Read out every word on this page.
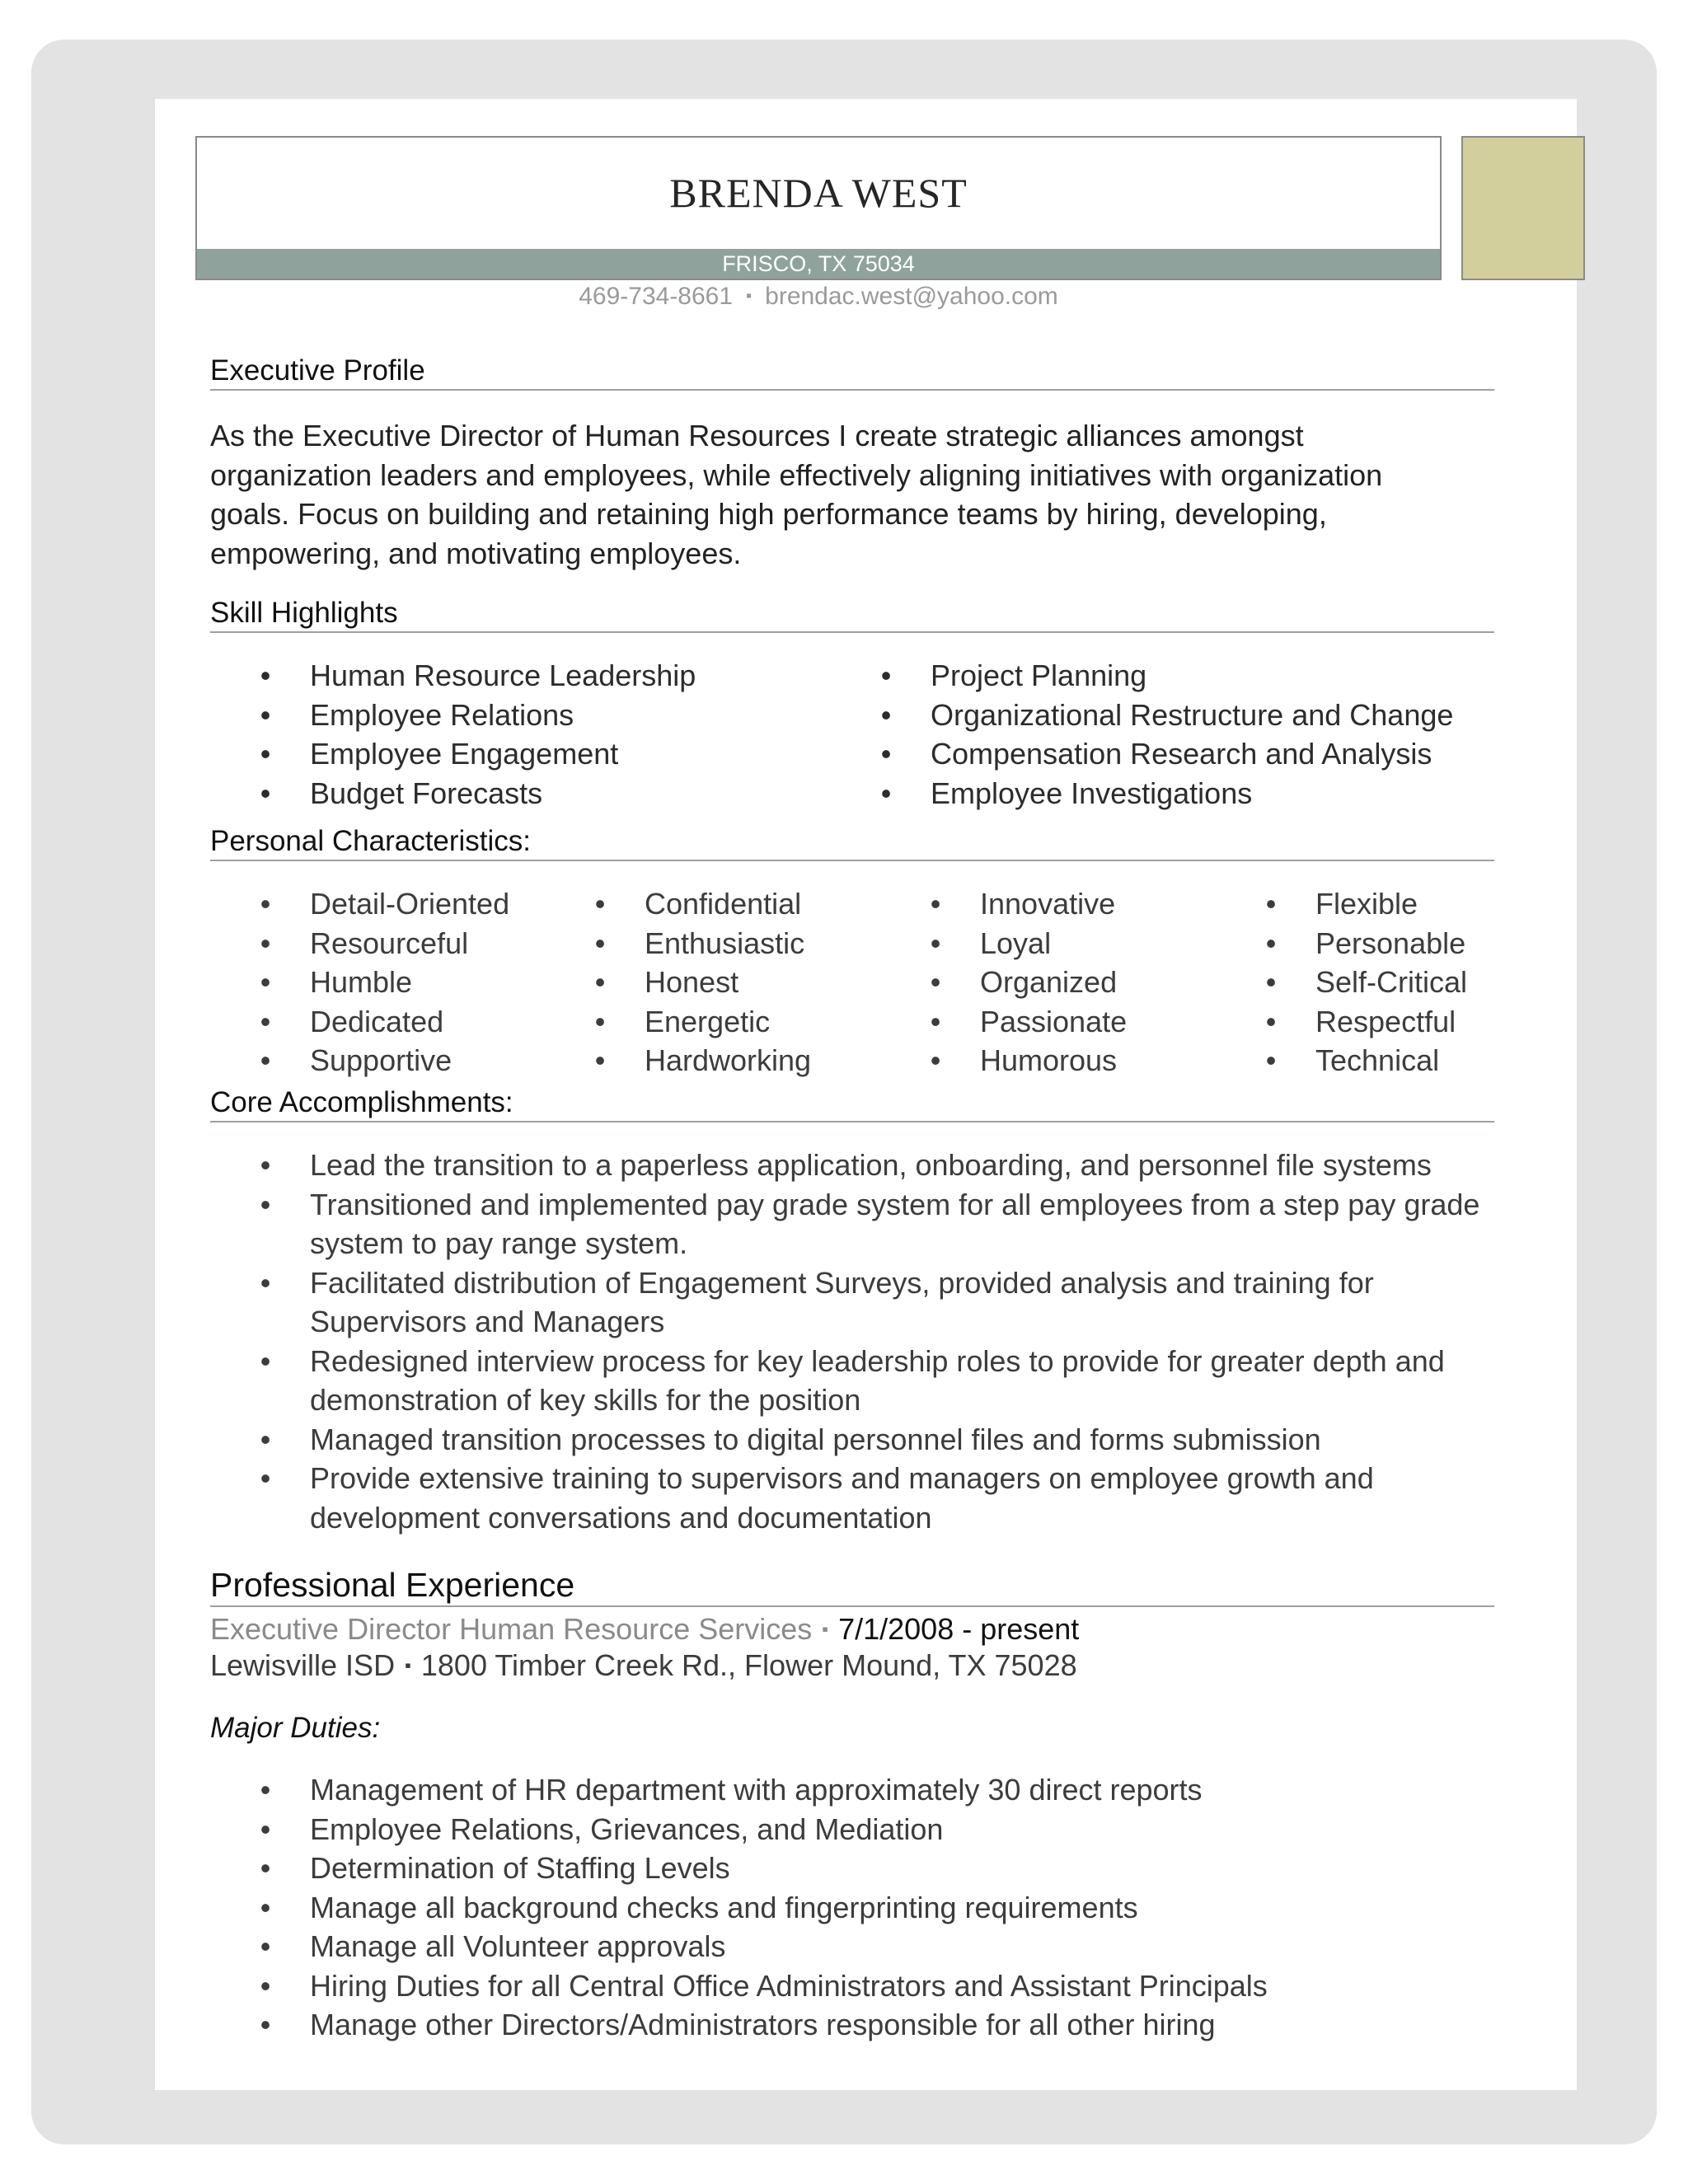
BRENDA WEST
FRISCO, TX 75034
469-734-8661 ▪ brendac.west@yahoo.com
Executive Profile

As the Executive Director of Human Resources I create strategic alliances amongst

organization leaders and employees, while effectively aligning initiatives with organization

goals. Focus on building and retaining high performance teams by hiring, developing,

empowering, and motivating employees.

Skill Highlights
• Human Resource Leadership
• Employee Relations
• Employee Engagement
• Budget Forecasts
• Project Planning
• Organizational Restructure and Change
• Compensation Research and Analysis
• Employee Investigations
Personal Characteristics:
• Detail-Oriented
• Resourceful
• Humble
• Dedicated
• Supportive
• Confidential
• Enthusiastic
• Honest
• Energetic
• Hardworking
• Innovative
• Loyal
• Organized
• Passionate
• Humorous
• Flexible
• Personable
• Self-Critical
• Respectful
• Technical
Core Accomplishments:
• Lead the transition to a paperless application, onboarding, and personnel file systems
• Transitioned and implemented pay grade system for all employees from a step pay grade system to pay range system.
• Facilitated distribution of Engagement Surveys, provided analysis and training for Supervisors and Managers
• Redesigned interview process for key leadership roles to provide for greater depth and demonstration of key skills for the position
• Managed transition processes to digital personnel files and forms submission
• Provide extensive training to supervisors and managers on employee growth and development conversations and documentation
Professional Experience
Executive Director Human Resource Services ▪ 7/1/2008 - present
Lewisville ISD ▪ 1800 Timber Creek Rd., Flower Mound, TX 75028
Major Duties:
• Management of HR department with approximately 30 direct reports
• Employee Relations, Grievances, and Mediation
• Determination of Staffing Levels
• Manage all background checks and fingerprinting requirements
• Manage all Volunteer approvals
• Hiring Duties for all Central Office Administrators and Assistant Principals
• Manage other Directors/Administrators responsible for all other hiring
